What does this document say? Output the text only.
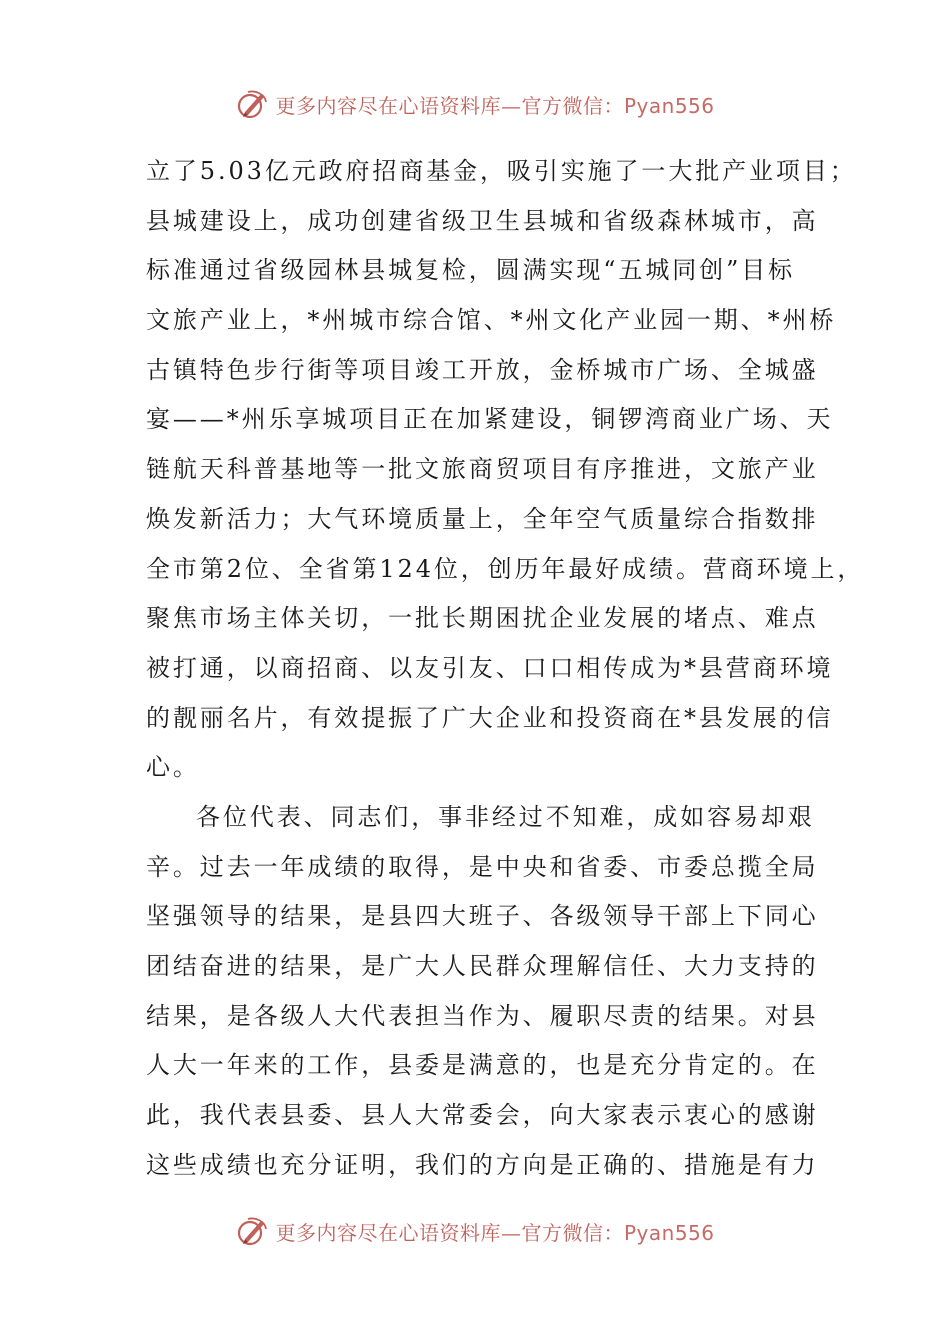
更多内容尽在心语资料库—官方微信：Pyan556
立了5.03亿元政府招商基金，吸引实施了一大批产业项目；
县城建设上，成功创建省级卫生县城和省级森林城市，高
标准通过省级园林县城复检，圆满实现“五城同创”目标
文旅产业上，*州城市综合馆、*州文化产业园一期、*州桥
古镇特色步行街等项目竣工开放，金桥城市广场、全城盛
宴——*州乐享城项目正在加紧建设，铜锣湾商业广场、天
链航天科普基地等一批文旅商贸项目有序推进，文旅产业
焕发新活力；大气环境质量上，全年空气质量综合指数排
全市第2位、全省第124位，创历年最好成绩。营商环境上，
聚焦市场主体关切，一批长期困扰企业发展的堵点、难点
被打通，以商招商、以友引友、口口相传成为*县营商环境
的靓丽名片，有效提振了广大企业和投资商在*县发展的信
心。
各位代表、同志们，事非经过不知难，成如容易却艰
辛。过去一年成绩的取得，是中央和省委、市委总揽全局
坚强领导的结果，是县四大班子、各级领导干部上下同心
团结奋进的结果，是广大人民群众理解信任、大力支持的
结果，是各级人大代表担当作为、履职尽责的结果。对县
人大一年来的工作，县委是满意的，也是充分肯定的。在
此，我代表县委、县人大常委会，向大家表示衷心的感谢
这些成绩也充分证明，我们的方向是正确的、措施是有力
更多内容尽在心语资料库—官方微信：Pyan556
